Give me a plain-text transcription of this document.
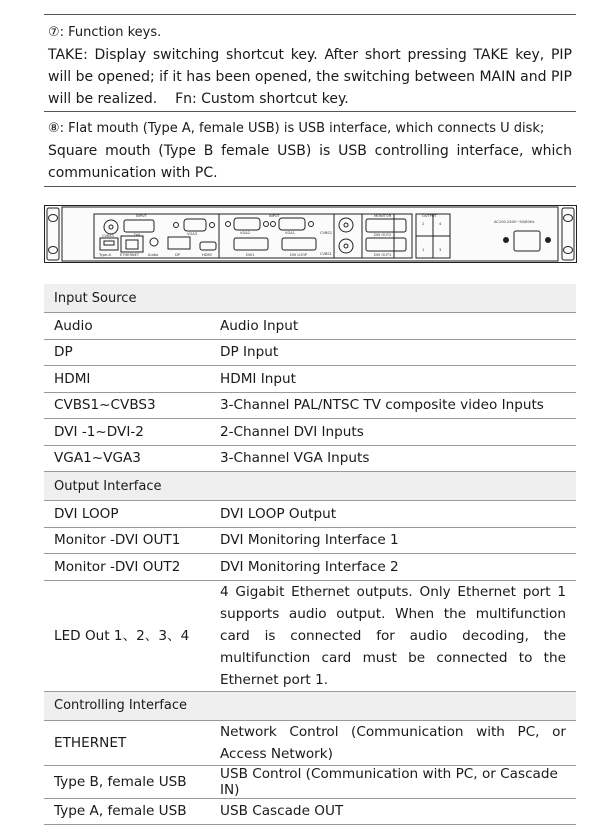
⑦: Function keys.
TAKE: Display switching shortcut key. After short pressing TAKE key, PIP will be opened; if it has been opened, the switching between MAIN and PIP will be realized. Fn: Custom shortcut key.
⑧: Flat mouth (Type A, female USB) is USB interface, which connects U disk;
Square mouth (Type B female USB) is USB controlling interface, which communication with PC.
INPUT	INPUT	MONITOR	OUTPUT
AC100-240V~50/60Hz
CVBS3	DVI	VGA3	VGA2	VGA1	CVBS2
CVBS1
Type-A	ETHERNET Audio	DP	HDMI	DVI1	DVI LOOP
DVI OUT2
DVI OUT1
2	4
1	3
Input Source	
Audio	Audio Input
DP	DP Input
HDMI	HDMI Input
CVBS1~CVBS3	3-Channel PAL/NTSC TV composite video Inputs
DVI -1~DVI-2	2-Channel DVI Inputs
VGA1~VGA3	3-Channel VGA Inputs
Output Interface	
DVI LOOP	DVI LOOP Output
Monitor -DVI OUT1	DVI Monitoring Interface 1
Monitor -DVI OUT2	DVI Monitoring Interface 2
LED Out 1、2、3、4	4 Gigabit Ethernet outputs. Only Ethernet port 1 supports audio output. When the multifunction card is connected for audio decoding, the multifunction card must be connected to the Ethernet port 1.
Controlling Interface	
ETHERNET	Network Control (Communication with PC, or Access Network)
Type B, female USB	USB Control (Communication with PC, or Cascade IN)
Type A, female USB	USB Cascade OUT
